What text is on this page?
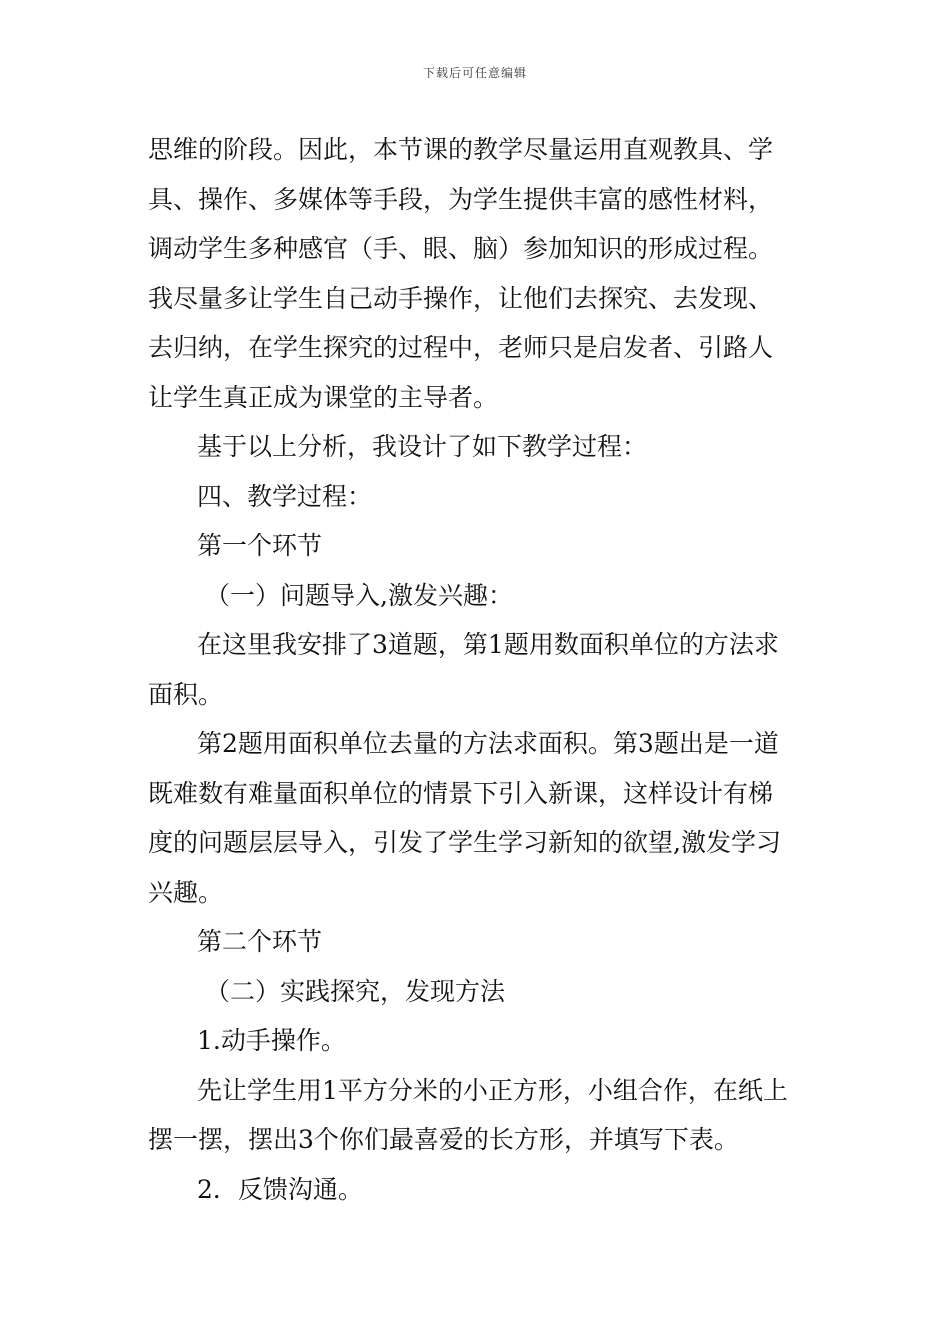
下载后可任意编辑
思维的阶段。因此，本节课的教学尽量运用直观教具、学
具、操作、多媒体等手段，为学生提供丰富的感性材料，
调动学生多种感官（手、眼、脑）参加知识的形成过程。
我尽量多让学生自己动手操作，让他们去探究、去发现、
去归纳，在学生探究的过程中，老师只是启发者、引路人
让学生真正成为课堂的主导者。
基于以上分析，我设计了如下教学过程：
四、教学过程：
第一个环节
（一）问题导入,激发兴趣：
在这里我安排了3道题，第1题用数面积单位的方法求
面积。
第2题用面积单位去量的方法求面积。第3题出是一道
既难数有难量面积单位的情景下引入新课，这样设计有梯
度的问题层层导入，引发了学生学习新知的欲望,激发学习
兴趣。
第二个环节
（二）实践探究，发现方法
1.动手操作。
先让学生用1平方分米的小正方形，小组合作，在纸上
摆一摆，摆出3个你们最喜爱的长方形，并填写下表。
2．反馈沟通。
